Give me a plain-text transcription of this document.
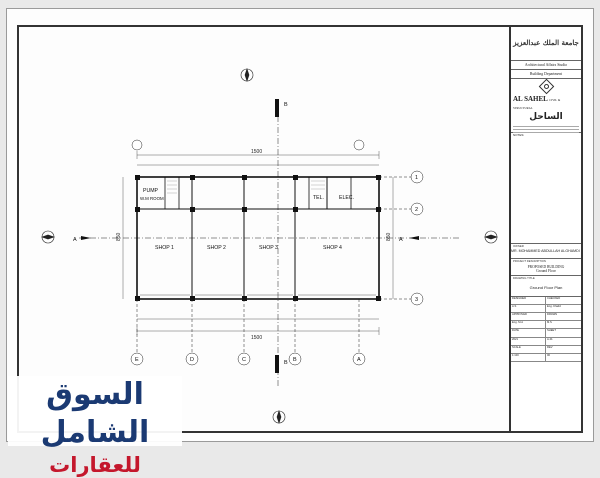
B
B
A	A
1500
1500
850	850
PUMP
W.M ROOM
SHOP 1	SHOP 2	SHOP 3	SHOP 4
TEL.	ELEC.
1
2
3
E	D	C	B	A
جامعة الملك عبدالعزيز
Architectural Affairs Studio
Building Department
AL SAHEL CIVIL & STRUCTURAL
الساحل
NOTES:
OWNER
MR. MOHAMMED ABDULLAH ALGHAMDI
PROJECT DESCRIPTION
PROPOSED BUILDING
Ground Floor
DRAWING TITLE
Ground Floor Plan
DESIGNED	CHECKED
A.S	Eng. Khalid
APPROVED	DRAWN
Eng. M.A	M.S
DATE	SHEET
2021	A-01
SCALE	REV
1:100	00
السوق الشامل
للعقارات
